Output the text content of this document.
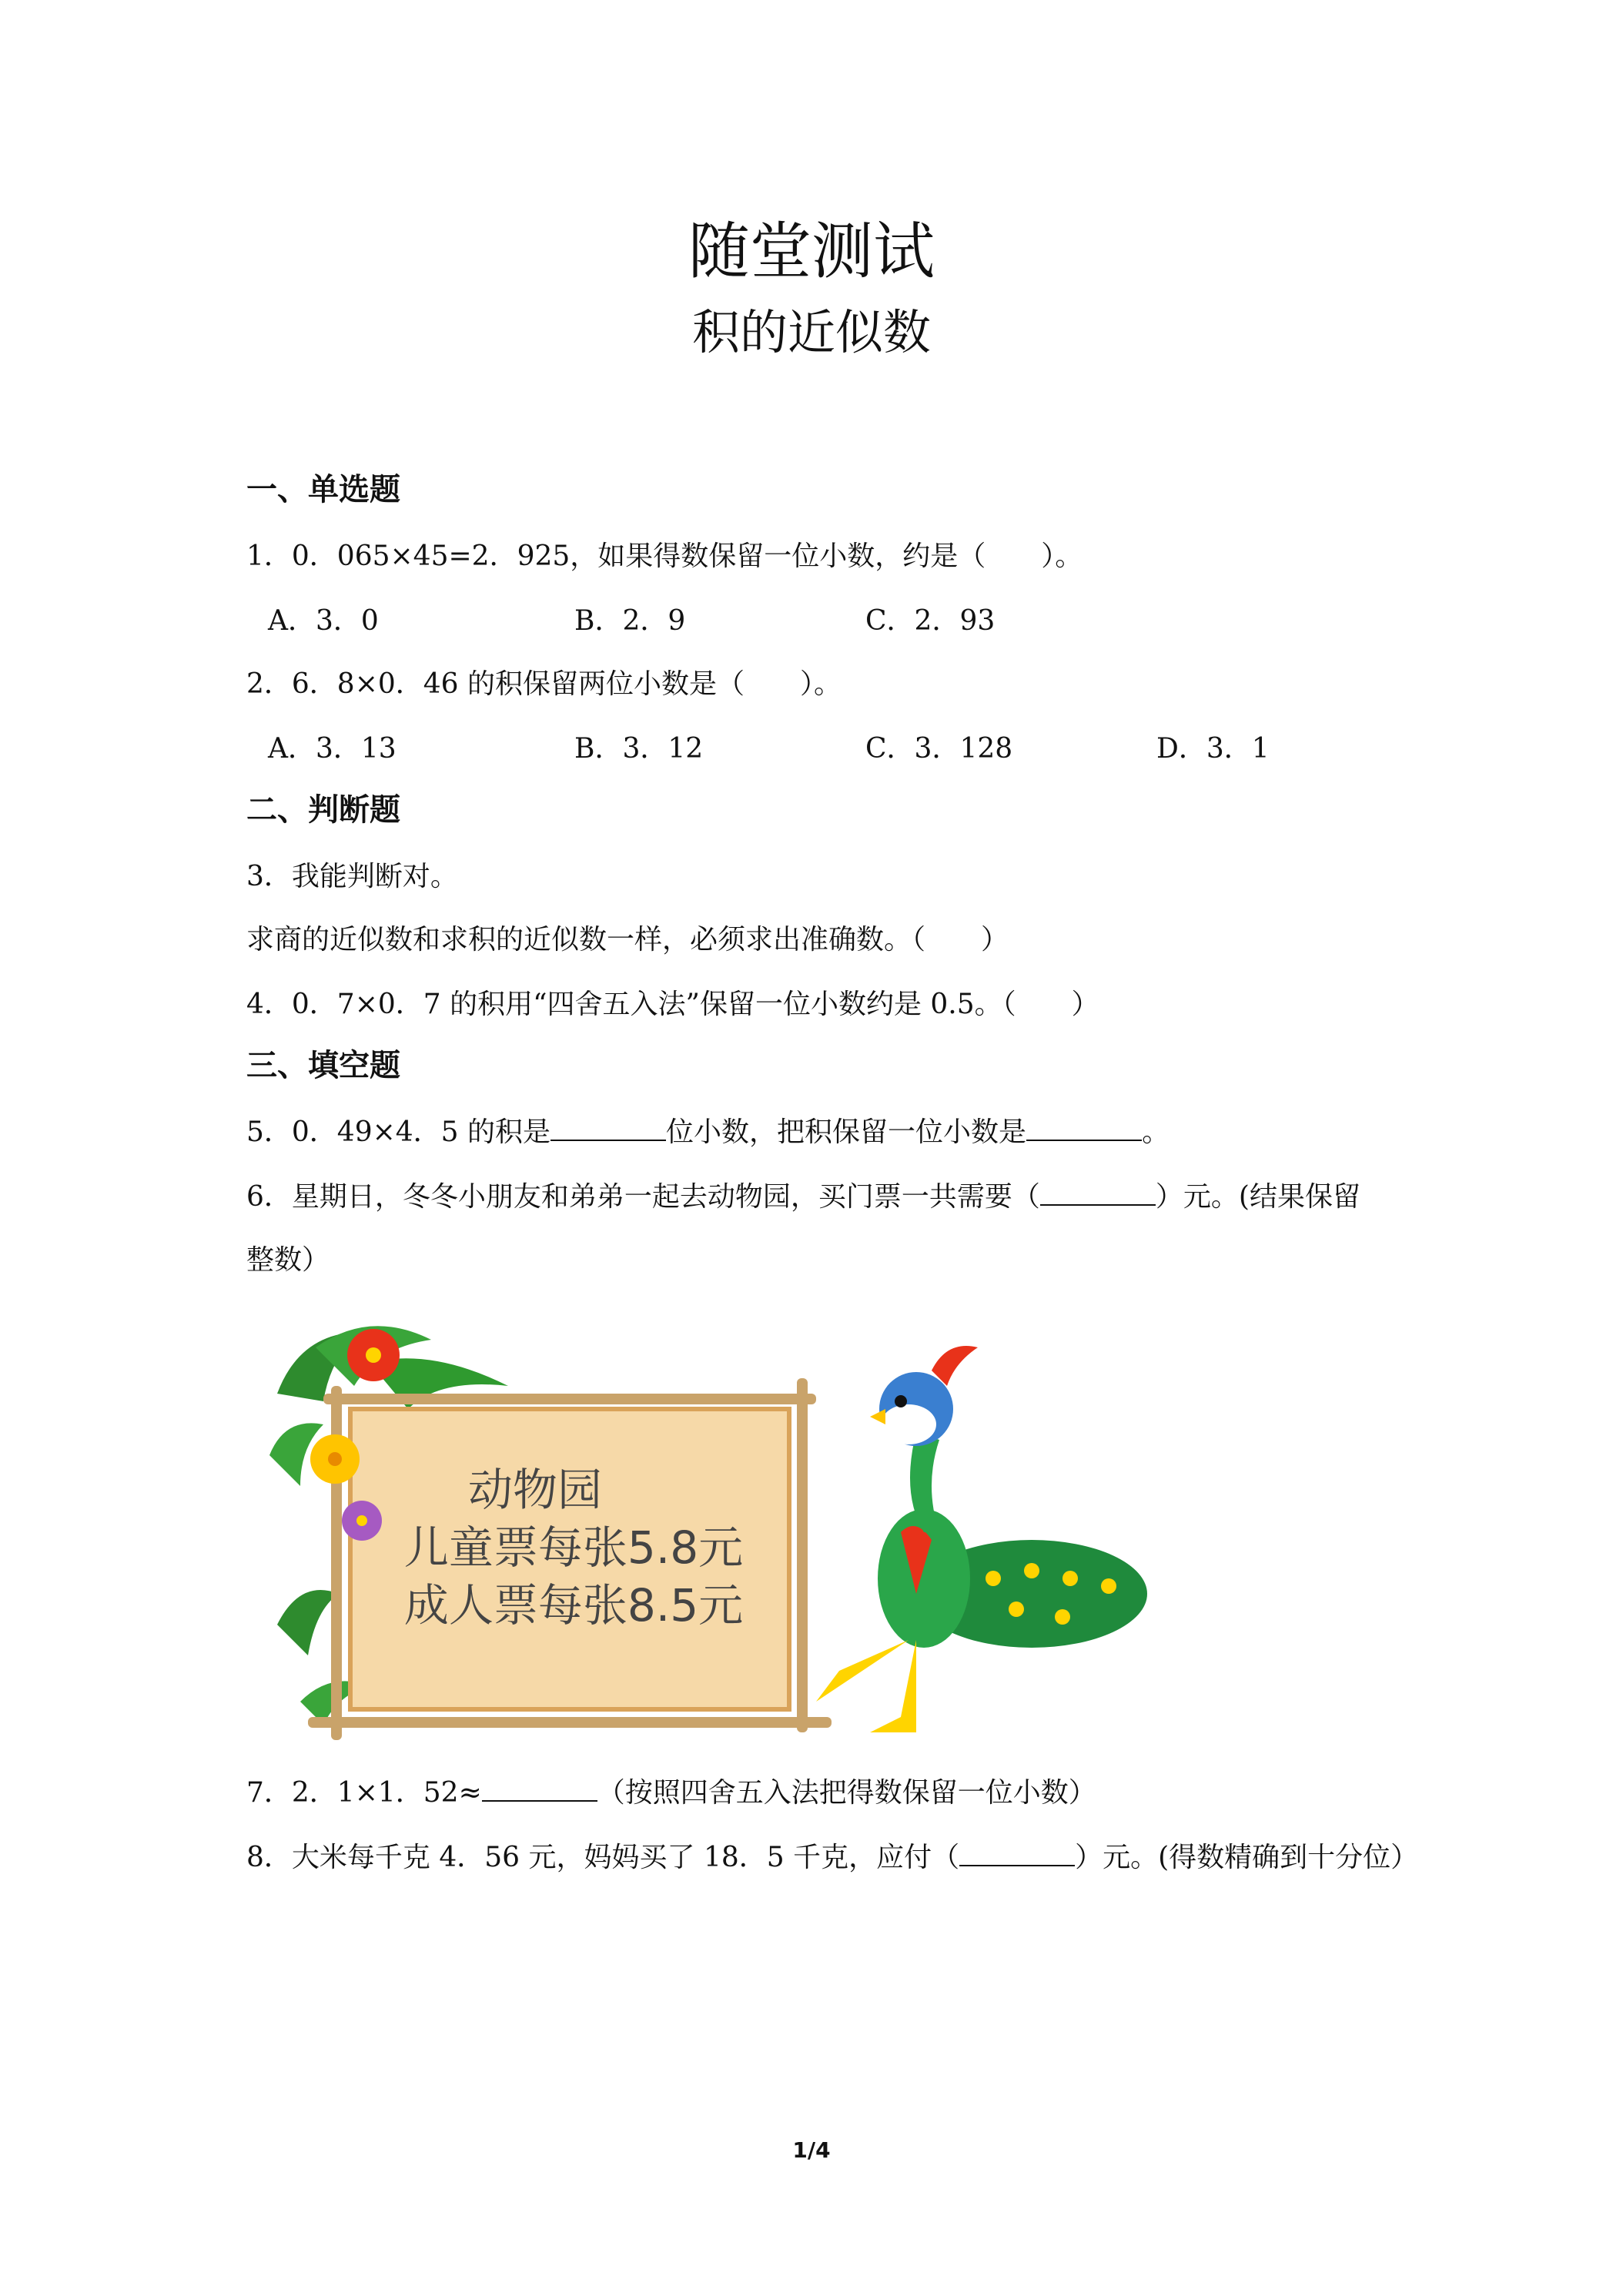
随堂测试
积的近似数
一、单选题
1．0．065×45=2．925，如果得数保留一位小数，约是（　　）。
A．3．0	B．2．9	C．2．93
2．6．8×0．46 的积保留两位小数是（　　）。
A．3．13	B．3．12	C．3．128	D．3．1
二、判断题
3．我能判断对。
求商的近似数和求积的近似数一样，必须求出准确数。（　　）
4．0．7×0．7 的积用“四舍五入法”保留一位小数约是 0.5。（　　）
三、填空题
5．0．49×4．5 的积是	位小数，把积保留一位小数是	。
6．星期日，冬冬小朋友和弟弟一起去动物园，买门票一共需要（	）元。(结果保留
整数）
动物园
儿童票每张5.8元
成人票每张8.5元
7．2．1×1．52≈	（按照四舍五入法把得数保留一位小数）
8．大米每千克 4．56 元，妈妈买了 18．5 千克，应付（	）元。(得数精确到十分位）
1/4
